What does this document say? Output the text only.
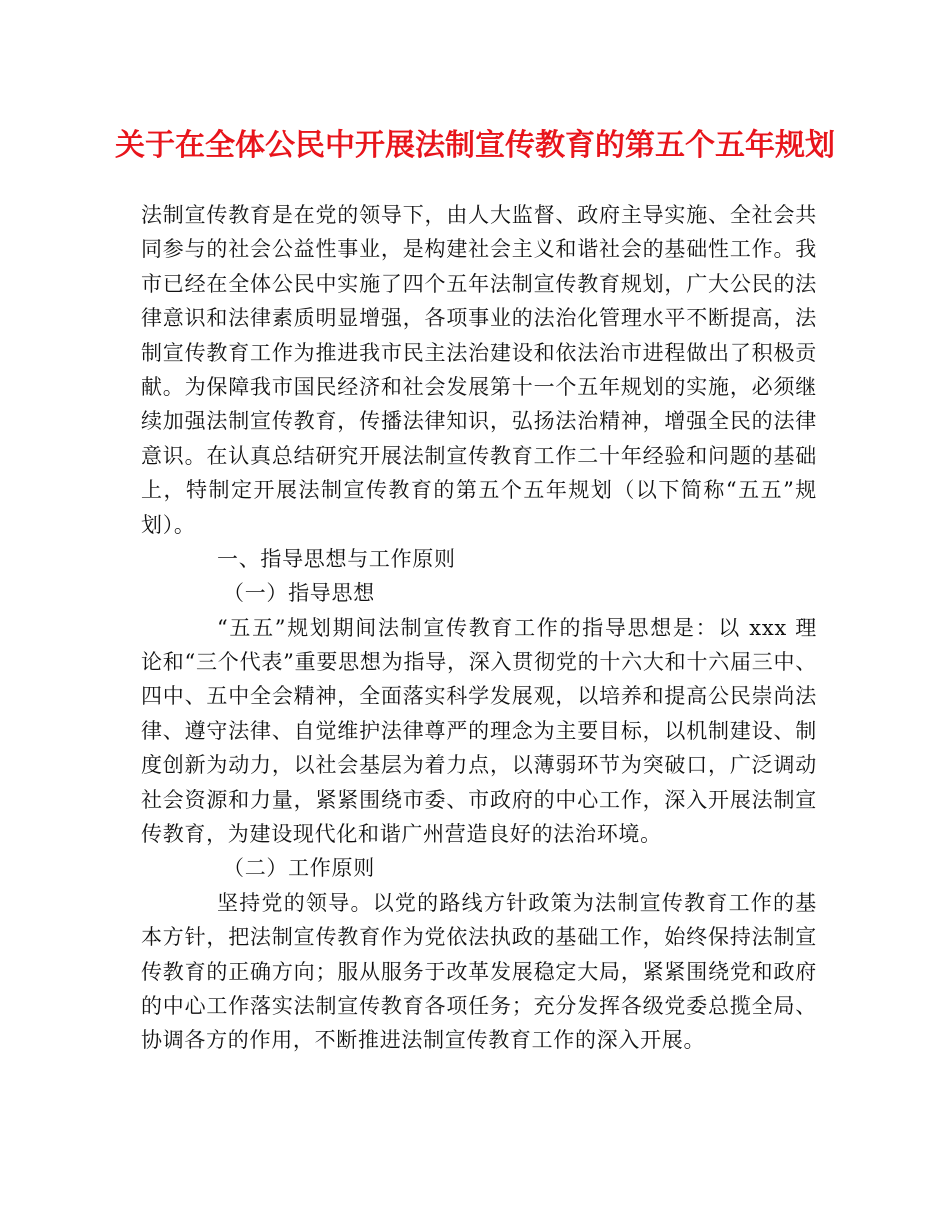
关于在全体公民中开展法制宣传教育的第五个五年规划
法制宣传教育是在党的领导下，由人大监督、政府主导实施、全社会共
同参与的社会公益性事业，是构建社会主义和谐社会的基础性工作。我
市已经在全体公民中实施了四个五年法制宣传教育规划，广大公民的法
律意识和法律素质明显增强，各项事业的法治化管理水平不断提高，法
制宣传教育工作为推进我市民主法治建设和依法治市进程做出了积极贡
献。为保障我市国民经济和社会发展第十一个五年规划的实施，必须继
续加强法制宣传教育，传播法律知识，弘扬法治精神，增强全民的法律
意识。在认真总结研究开展法制宣传教育工作二十年经验和问题的基础
上，特制定开展法制宣传教育的第五个五年规划（以下简称“五五”规
划）。
一、指导思想与工作原则
（一）指导思想
“五五”规划期间法制宣传教育工作的指导思想是：以 xxx 理
论和“三个代表”重要思想为指导，深入贯彻党的十六大和十六届三中、
四中、五中全会精神，全面落实科学发展观，以培养和提高公民崇尚法
律、遵守法律、自觉维护法律尊严的理念为主要目标，以机制建设、制
度创新为动力，以社会基层为着力点，以薄弱环节为突破口，广泛调动
社会资源和力量，紧紧围绕市委、市政府的中心工作，深入开展法制宣
传教育，为建设现代化和谐广州营造良好的法治环境。
（二）工作原则
坚持党的领导。以党的路线方针政策为法制宣传教育工作的基
本方针，把法制宣传教育作为党依法执政的基础工作，始终保持法制宣
传教育的正确方向；服从服务于改革发展稳定大局，紧紧围绕党和政府
的中心工作落实法制宣传教育各项任务；充分发挥各级党委总揽全局、
协调各方的作用，不断推进法制宣传教育工作的深入开展。
